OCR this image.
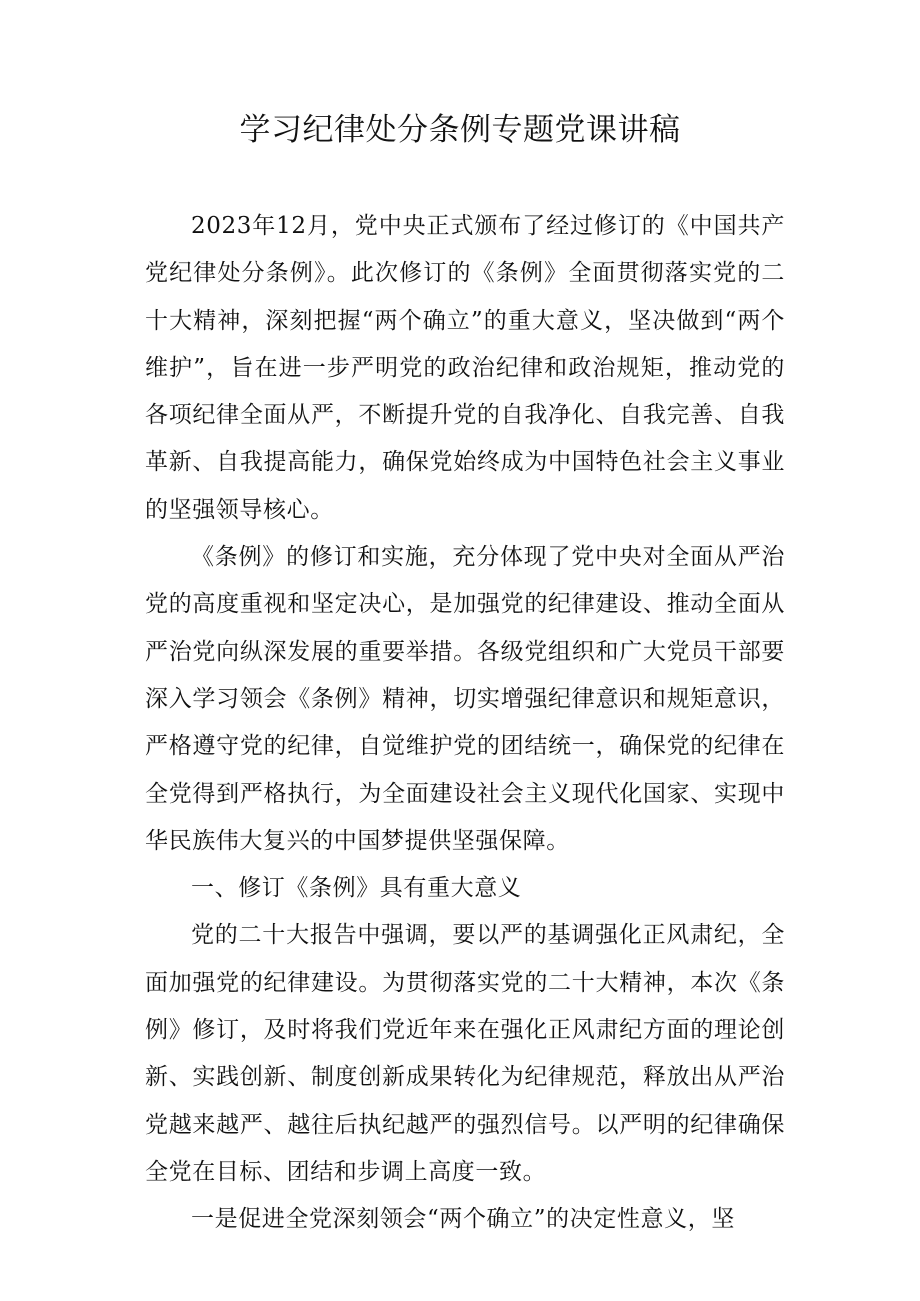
学习纪律处分条例专题党课讲稿

2023年12月，党中央正式颁布了经过修订的《中国共产党纪律处分条例》。此次修订的《条例》全面贯彻落实党的二十大精神，深刻把握“两个确立”的重大意义，坚决做到“两个维护”，旨在进一步严明党的政治纪律和政治规矩，推动党的各项纪律全面从严，不断提升党的自我净化、自我完善、自我革新、自我提高能力，确保党始终成为中国特色社会主义事业的坚强领导核心。

《条例》的修订和实施，充分体现了党中央对全面从严治党的高度重视和坚定决心，是加强党的纪律建设、推动全面从严治党向纵深发展的重要举措。各级党组织和广大党员干部要深入学习领会《条例》精神，切实增强纪律意识和规矩意识，严格遵守党的纪律，自觉维护党的团结统一，确保党的纪律在全党得到严格执行，为全面建设社会主义现代化国家、实现中华民族伟大复兴的中国梦提供坚强保障。

一、修订《条例》具有重大意义

党的二十大报告中强调，要以严的基调强化正风肃纪，全面加强党的纪律建设。为贯彻落实党的二十大精神，本次《条例》修订，及时将我们党近年来在强化正风肃纪方面的理论创新、实践创新、制度创新成果转化为纪律规范，释放出从严治党越来越严、越往后执纪越严的强烈信号。以严明的纪律确保全党在目标、团结和步调上高度一致。

一是促进全党深刻领会“两个确立”的决定性意义，坚
